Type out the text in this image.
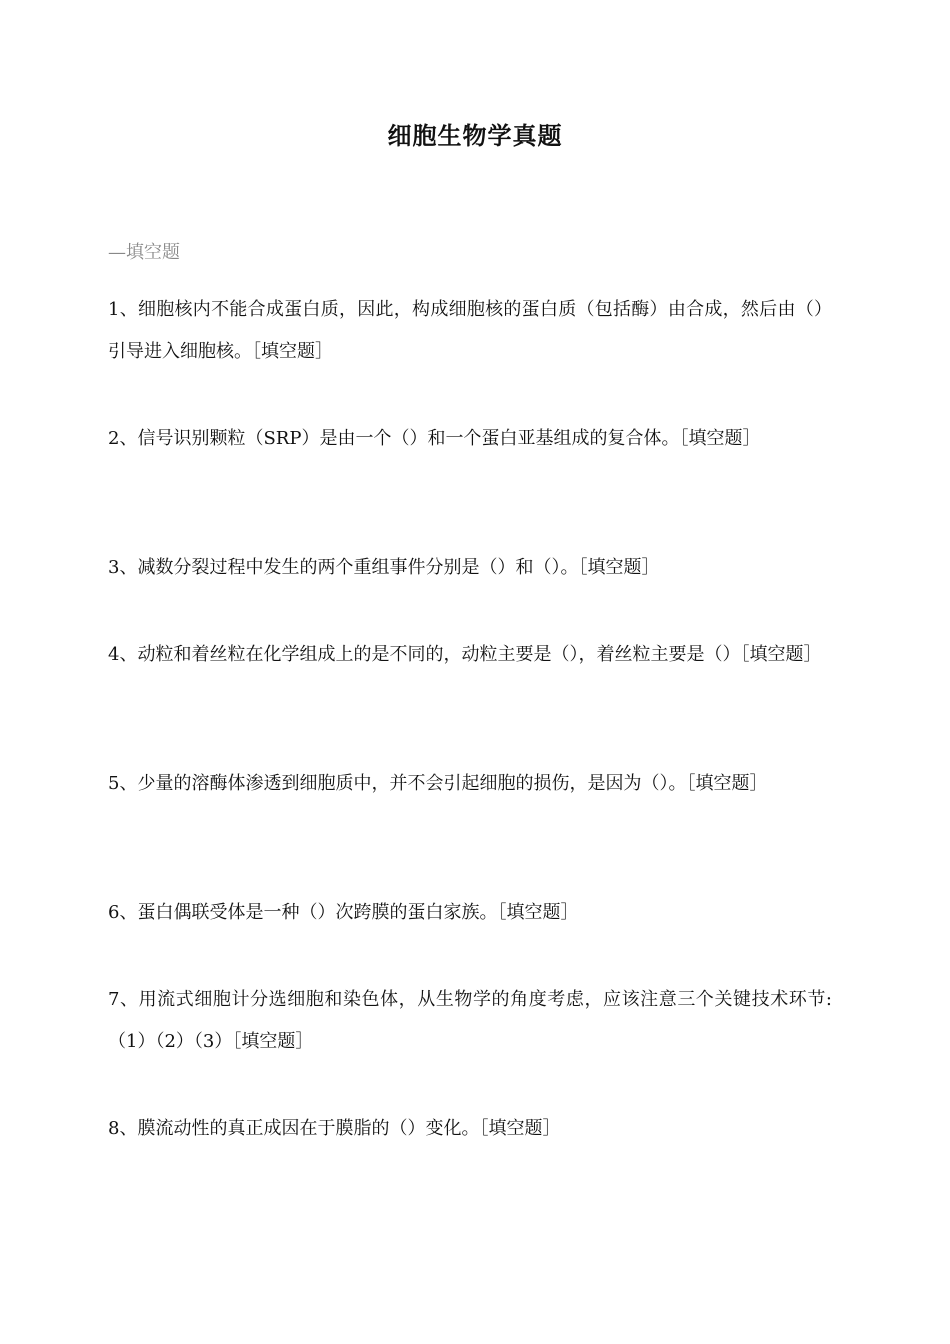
细胞生物学真题
—填空题
1、细胞核内不能合成蛋白质，因此，构成细胞核的蛋白质（包括酶）由合成，然后由（）引导进入细胞核。［填空题］
2、信号识别颗粒（SRP）是由一个（）和一个蛋白亚基组成的复合体。［填空题］
3、减数分裂过程中发生的两个重组事件分别是（）和（）。［填空题］
4、动粒和着丝粒在化学组成上的是不同的，动粒主要是（），着丝粒主要是（）［填空题］
5、少量的溶酶体渗透到细胞质中，并不会引起细胞的损伤，是因为（）。［填空题］
6、蛋白偶联受体是一种（）次跨膜的蛋白家族。［填空题］
7、用流式细胞计分选细胞和染色体，从生物学的角度考虑，应该注意三个关键技术环节:（1）（2）（3）［填空题］
8、膜流动性的真正成因在于膜脂的（）变化。［填空题］
